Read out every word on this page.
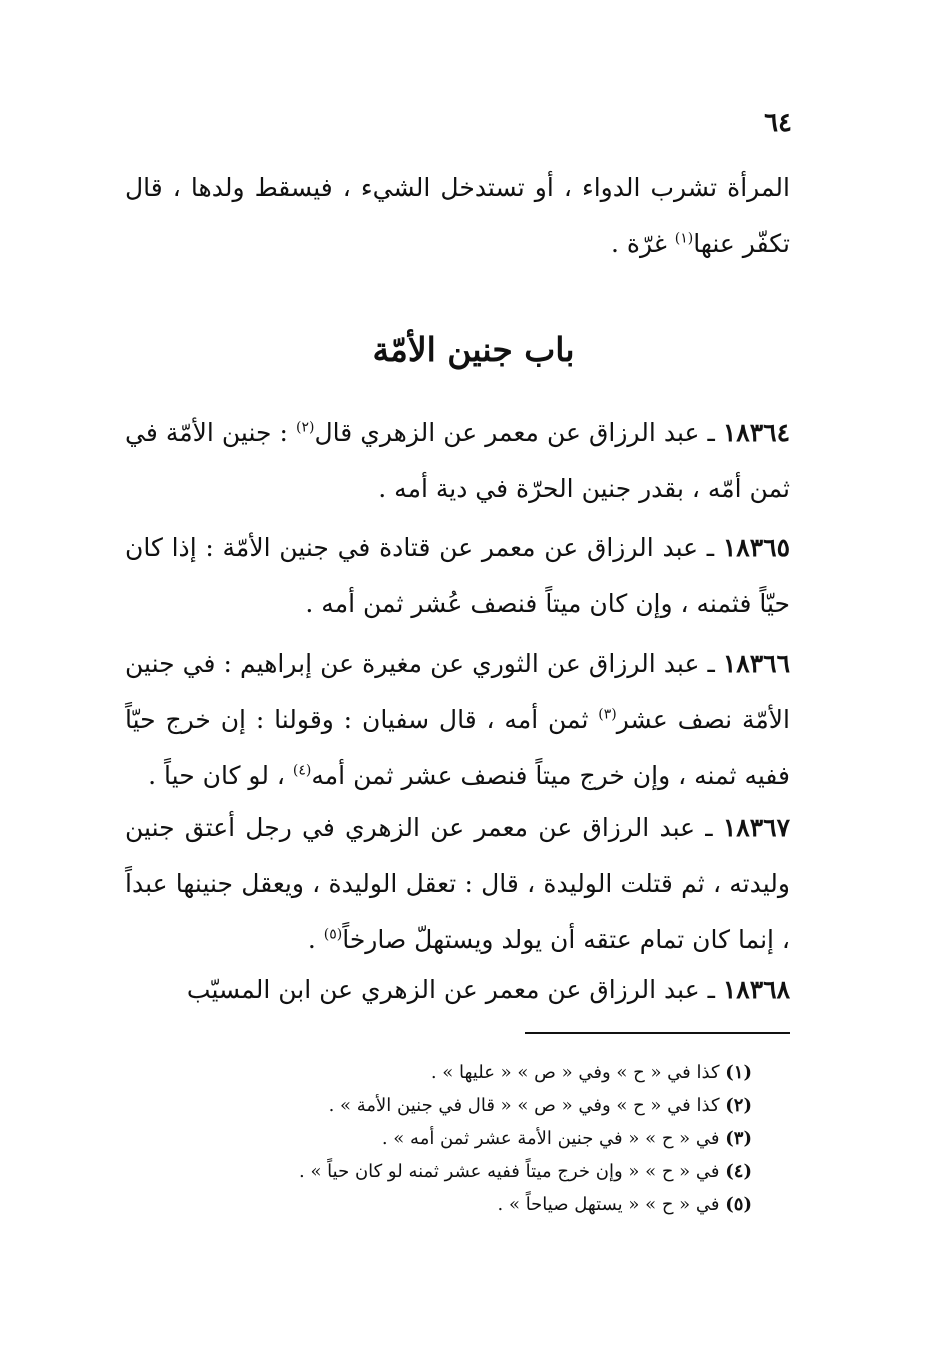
٦٤

المرأة تشرب الدواء ، أو تستدخل الشيء ، فيسقط ولدها ، قال تكفّر عنها$^{(١)}$ غرّة .

باب جنين الأمّة

١٨٣٦٤ ـ عبد الرزاق عن معمر عن الزهري قال$^{(٢)}$ : جنين الأمّة في ثمن أمّه ، بقدر جنين الحرّة في دية أمه .

١٨٣٦٥ ـ عبد الرزاق عن معمر عن قتادة في جنين الأمّة : إذا كان حيّاً فثمنه ، وإن كان ميتاً فنصف عُشر ثمن أمه .

١٨٣٦٦ ـ عبد الرزاق عن الثوري عن مغيرة عن إبراهيم : في جنين الأمّة نصف عشر$^{(٣)}$ ثمن أمه ، قال سفيان : وقولنا : إن خرج حيّاً ففيه ثمنه ، وإن خرج ميتاً فنصف عشر ثمن أمه$^{(٤)}$ ، لو كان حياً .

١٨٣٦٧ ـ عبد الرزاق عن معمر عن الزهري في رجل أعتق جنين وليدته ، ثم قتلت الوليدة ، قال : تعقل الوليدة ، ويعقل جنينها عبداً ، إنما كان تمام عتقه أن يولد ويستهلّ صارخاً$^{(٥)}$ .

١٨٣٦٨ ـ عبد الرزاق عن معمر عن الزهري عن ابن المسيّب

(١) كذا في « ح » وفي « ص » « عليها » .
(٢) كذا في « ح » وفي « ص » « قال في جنين الأمة » .
(٣) في « ح » « في جنين الأمة عشر ثمن أمه » .
(٤) في « ح » « وإن خرج ميتاً ففيه عشر ثمنه لو كان حياً » .
(٥) في « ح » « يستهل صياحاً » .
